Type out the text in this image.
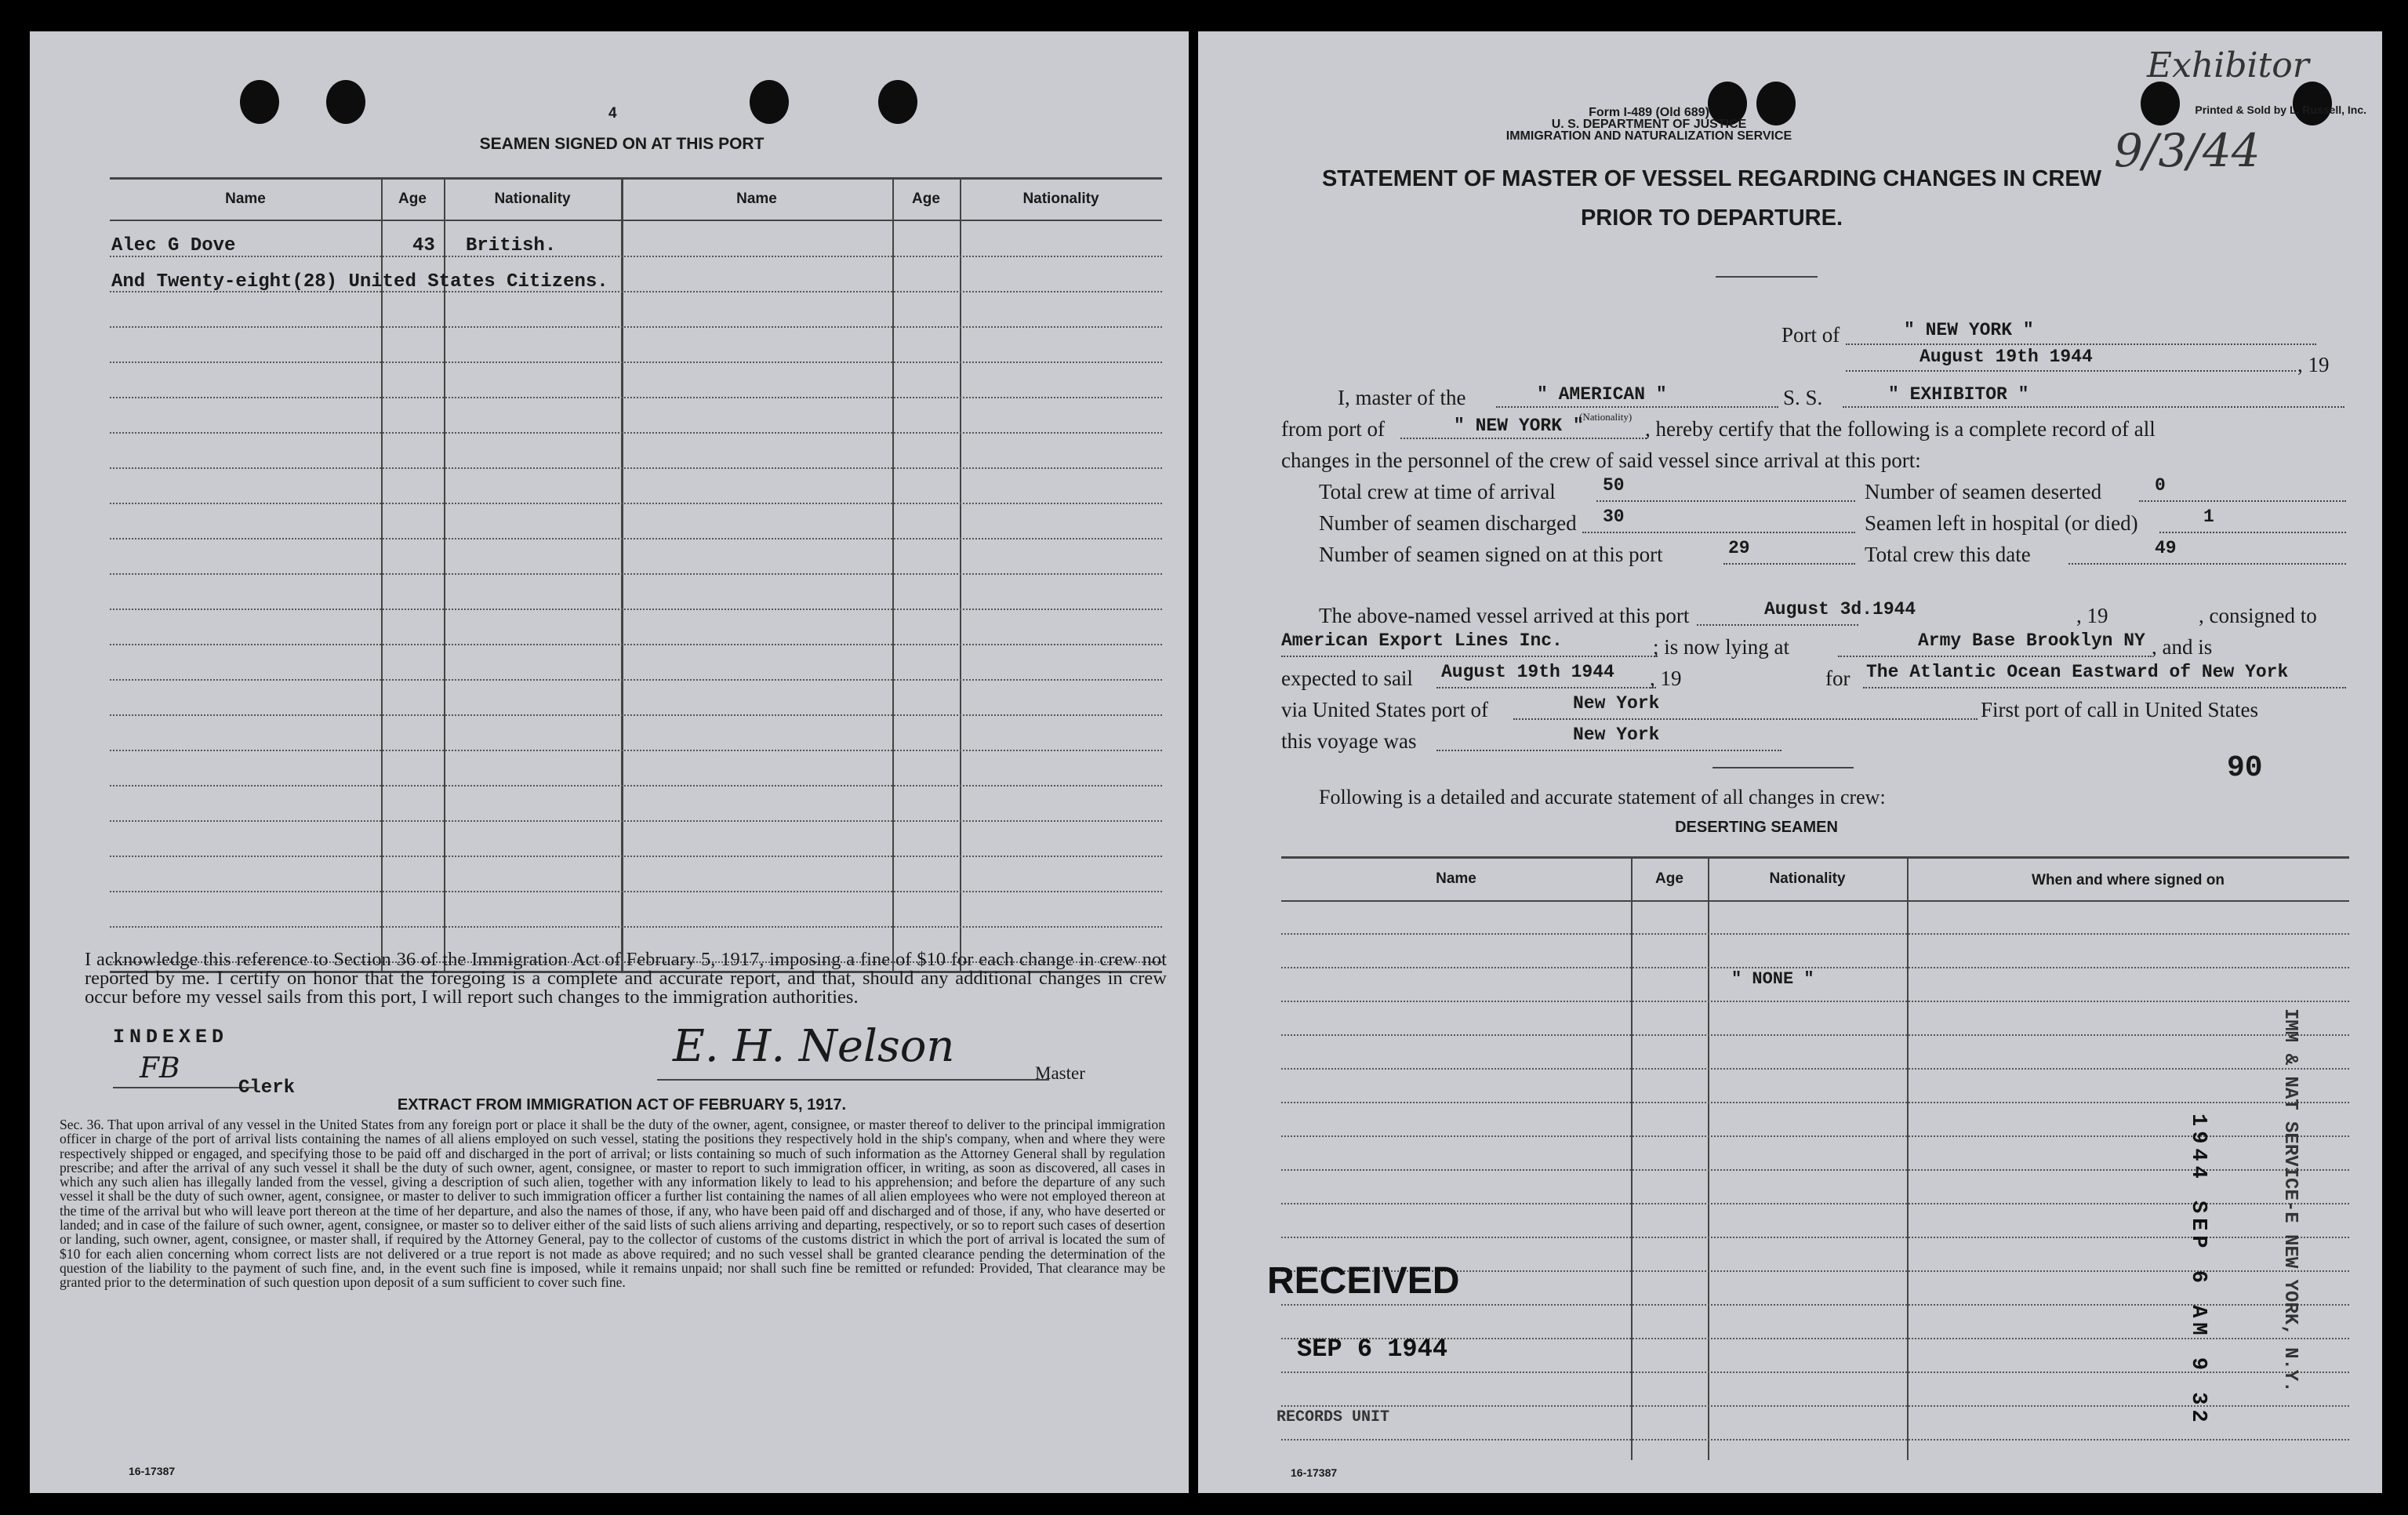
4
SEAMEN SIGNED ON AT THIS PORT
Name	Age	Nationality	Name	Age	Nationality
Alec G Dove	43 British.
And Twenty-eight(28) United States Citizens.
I acknowledge this reference to Section 36 of the Immigration Act of February 5, 1917, imposing a fine of $10 for each change in crew not reported by me. I certify on honor that the foregoing is a complete and accurate report, and that, should any additional changes in crew occur before my vessel sails from this port, I will report such changes to the immigration authorities.
INDEXED
FB
Clerk
E. H. Nelson
Master
EXTRACT FROM IMMIGRATION ACT OF FEBRUARY 5, 1917.
Sec. 36. That upon arrival of any vessel in the United States from any foreign port or place it shall be the duty of the owner, agent, consignee, or master thereof to deliver to the principal immigration officer in charge of the port of arrival lists containing the names of all aliens employed on such vessel, stating the positions they respectively hold in the ship's company, when and where they were respectively shipped or engaged, and specifying those to be paid off and discharged in the port of arrival; or lists containing so much of such information as the Attorney General shall by regulation prescribe; and after the arrival of any such vessel it shall be the duty of such owner, agent, consignee, or master to report to such immigration officer, in writing, as soon as discovered, all cases in which any such alien has illegally landed from the vessel, giving a description of such alien, together with any information likely to lead to his apprehension; and before the departure of any such vessel it shall be the duty of such owner, agent, consignee, or master to deliver to such immigration officer a further list containing the names of all alien employees who were not employed thereon at the time of the arrival but who will leave port thereon at the time of her departure, and also the names of those, if any, who have been paid off and discharged and of those, if any, who have deserted or landed; and in case of the failure of such owner, agent, consignee, or master so to deliver either of the said lists of such aliens arriving and departing, respectively, or so to report such cases of desertion or landing, such owner, agent, consignee, or master shall, if required by the Attorney General, pay to the collector of customs of the customs district in which the port of arrival is located the sum of $10 for each alien concerning whom correct lists are not delivered or a true report is not made as above required; and no such vessel shall be granted clearance pending the determination of the question of the liability to the payment of such fine, and, in the event such fine is imposed, while it remains unpaid; nor shall such fine be remitted or refunded: Provided, That clearance may be granted prior to the determination of such question upon deposit of a sum sufficient to cover such fine.
16-17387
Exhibitor
9/3/44
Form I-489 (Old 689)
U. S. DEPARTMENT OF JUSTICE
IMMIGRATION AND NATURALIZATION SERVICE
Printed & Sold by L. Russell, Inc.
STATEMENT OF MASTER OF VESSEL REGARDING CHANGES IN CREW
PRIOR TO DEPARTURE.
Port of	" NEW YORK "
August 19th 1944	, 19
I, master of the	" AMERICAN "	S. S.	" EXHIBITOR "
from port of	" NEW YORK "
(Nationality)
, hereby certify that the following is a complete record of all
changes in the personnel of the crew of said vessel since arrival at this port:
Total crew at time of arrival	50	Number of seamen deserted	0
Number of seamen discharged 30	Seamen left in hospital (or died)	1
Number of seamen signed on at this port	29	Total crew this date	49
The above-named vessel arrived at this port	August 3d.1944	, 19	, consigned to
American Export Lines Inc.	; is now lying at	Army Base Brooklyn NY , and is
expected to sail August 19th 1944 , 19	for The Atlantic Ocean Eastward of New York
via United States port of	New York	First port of call in United States
this voyage was	New York
90
Following is a detailed and accurate statement of all changes in crew:
DESERTING SEAMEN
Name	Age	Nationality	When and where signed on
" NONE "
1944 SEP 6 AM 9 32	IMM & NAT SERVICE-E NEW YORK, N.Y.
RECEIVED
SEP 6 1944
RECORDS UNIT
16-17387
